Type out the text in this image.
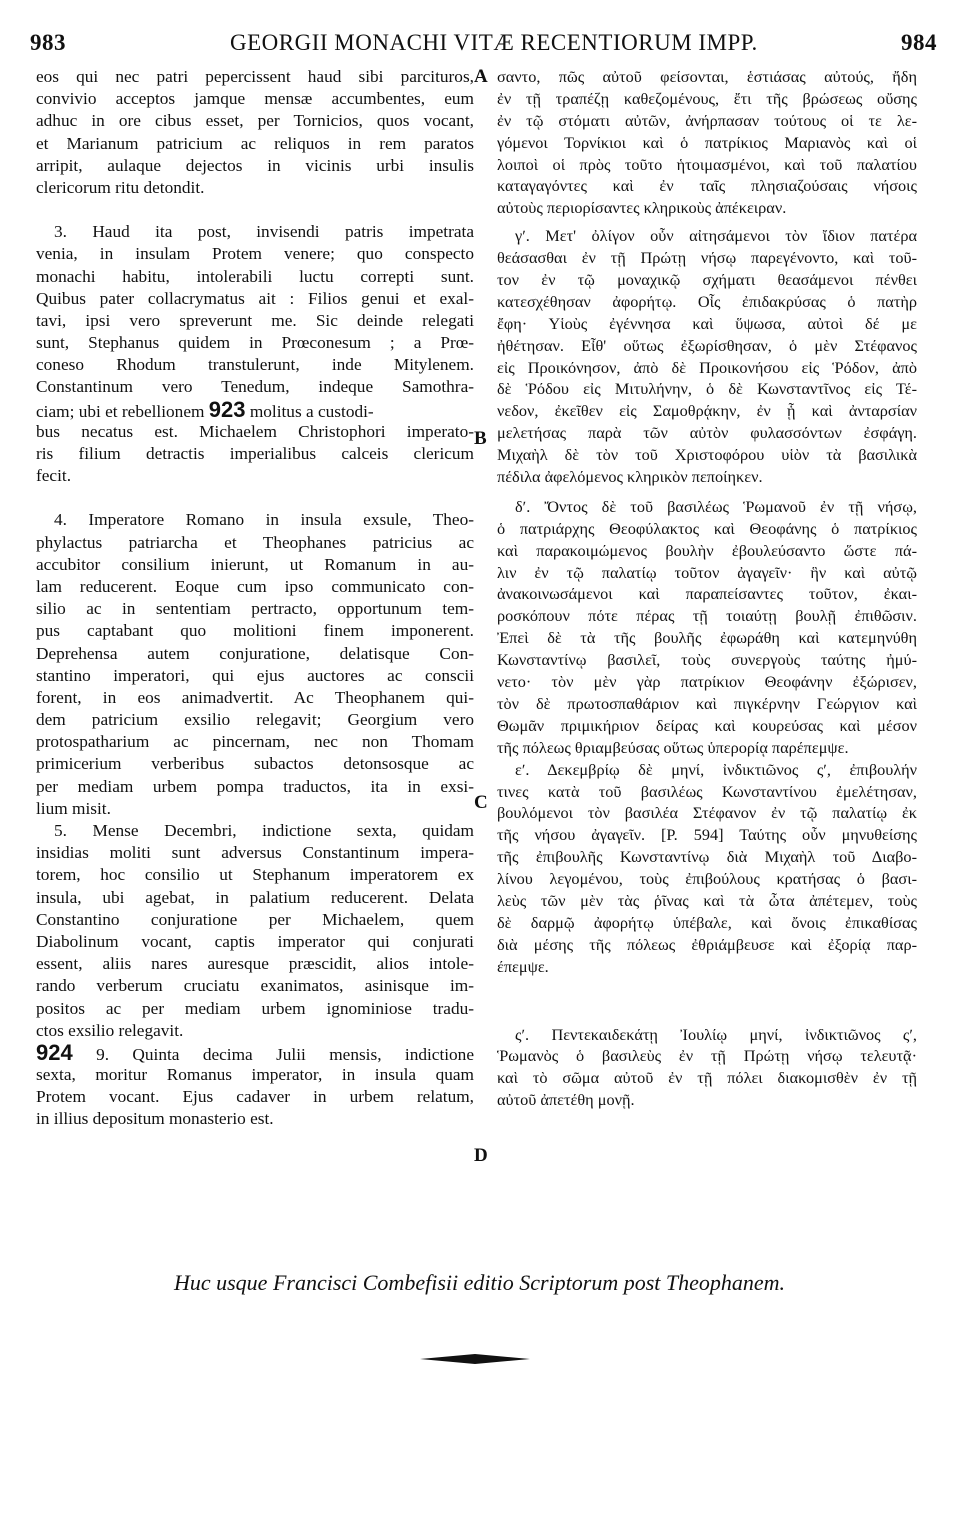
983	GEORGII MONACHI VITÆ RECENTIORUM IMPP.	984
A
B
C
D
eos qui nec patri pepercissent haud sibi parcituros,
convivio acceptos jamque mensæ accumbentes, eum
adhuc in ore cibus esset, per Tornicios, quos vocant,
et Marianum patricium ac reliquos in rem paratos
arripit, aulaque dejectos in vicinis urbi insulis
clericorum ritu detondit.
3. Haud ita post, invisendi patris impetrata
venia, in insulam Protem venere; quo conspecto
monachi habitu, intolerabili luctu correpti sunt.
Quibus pater collacrymatus ait : Filios genui et exal-
tavi, ipsi vero spreverunt me. Sic deinde relegati
sunt, Stephanus quidem in Prœconesum ; a Prœ-
coneso Rhodum transtulerunt, inde Mitylenem.
Constantinum vero Tenedum, indeque Samothra-
ciam; ubi et rebellionem 923 molitus a custodi-
bus necatus est. Michaelem Christophori imperato-
ris filium detractis imperialibus calceis clericum
fecit.
4. Imperatore Romano in insula exsule, Theo-
phylactus patriarcha et Theophanes patricius ac
accubitor consilium inierunt, ut Romanum in au-
lam reducerent. Eoque cum ipso communicato con-
silio ac in sententiam pertracto, opportunum tem-
pus captabant quo molitioni finem imponerent.
Deprehensa autem conjuratione, delatisque Con-
stantino imperatori, qui ejus auctores ac conscii
forent, in eos animadvertit. Ac Theophanem qui-
dem patricium exsilio relegavit; Georgium vero
protospatharium ac pincernam, nec non Thomam
primicerium verberibus subactos detonsosque ac
per mediam urbem pompa traductos, ita in exsi-
lium misit.
5. Mense Decembri, indictione sexta, quidam
insidias moliti sunt adversus Constantinum impera-
torem, hoc consilio ut Stephanum imperatorem ex
insula, ubi agebat, in palatium reducerent. Delata
Constantino conjuratione per Michaelem, quem
Diabolinum vocant, captis imperator qui conjurati
essent, aliis nares auresque præscidit, alios intole-
rando verberum cruciatu exanimatos, asinisque im-
positos ac per mediam urbem ignominiose tradu-
ctos exsilio relegavit.
924 9. Quinta decima Julii mensis, indictione
sexta, moritur Romanus imperator, in insula quam
Protem vocant. Ejus cadaver in urbem relatum,
in illius depositum monasterio est.
σαντο, πῶς αὐτοῦ φείσονται, ἑστιάσας αὐτούς, ἤδη
ἐν τῇ τραπέζῃ καθεζομένους, ἔτι τῆς βρώσεως οὔσης
ἐν τῷ στόματι αὐτῶν, ἀνήρπασαν τούτους οἱ τε λε-
γόμενοι Τορνίκιοι καὶ ὁ πατρίκιος Μαριανὸς καὶ οἱ
λοιποὶ οἱ πρὸς τοῦτο ἡτοιμασμένοι, καὶ τοῦ παλατίου
καταγαγόντες καὶ ἐν ταῖς πλησιαζούσαις νήσοις
αὐτοὺς περιορίσαντες κληρικοὺς ἀπέκειραν.
γʹ. Μετ' ὀλίγον οὖν αἰτησάμενοι τὸν ἴδιον πατέρα
θεάσασθαι ἐν τῇ Πρώτῃ νήσῳ παρεγένοντο, καὶ τοῦ-
τον ἐν τῷ μοναχικῷ σχήματι θεασάμενοι πένθει
κατεσχέθησαν ἀφορήτῳ. Οἷς ἐπιδακρύσας ὁ πατὴρ
ἔφη· Υἱοὺς ἐγέννησα καὶ ὕψωσα, αὐτοὶ δέ με
ἠθέτησαν. Εἶθ' οὕτως ἐξωρίσθησαν, ὁ μὲν Στέφανος
εἰς Προικόνησον, ἀπὸ δὲ Προικονήσου εἰς Ῥόδον, ἀπὸ
δὲ Ῥόδου εἰς Μιτυλήνην, ὁ δὲ Κωνσταντῖνος εἰς Τέ-
νεδον, ἐκεῖθεν εἰς Σαμοθρᾴκην, ἐν ᾗ καὶ ἀνταρσίαν
μελετήσας παρὰ τῶν αὐτὸν φυλασσόντων ἐσφάγη.
Μιχαὴλ δὲ τὸν τοῦ Χριστοφόρου υἱὸν τὰ βασιλικὰ
πέδιλα ἀφελόμενος κληρικὸν πεποίηκεν.
δʹ. Ὄντος δὲ τοῦ βασιλέως Ῥωμανοῦ ἐν τῇ νήσῳ,
ὁ πατριάρχης Θεοφύλακτος καὶ Θεοφάνης ὁ πατρίκιος
καὶ παρακοιμώμενος βουλὴν ἐβουλεύσαντο ὥστε πά-
λιν ἐν τῷ παλατίῳ τοῦτον ἀγαγεῖν· ἣν καὶ αὐτῷ
ἀνακοινωσάμενοι καὶ παραπείσαντες τοῦτον, ἐκαι-
ροσκόπουν πότε πέρας τῇ τοιαύτῃ βουλῇ ἐπιθῶσιν.
Ἐπεὶ δὲ τὰ τῆς βουλῆς ἐφωράθη καὶ κατεμηνύθη
Κωνσταντίνῳ βασιλεῖ, τοὺς συνεργοὺς ταύτης ἠμύ-
νετο· τὸν μὲν γὰρ πατρίκιον Θεοφάνην ἐξώρισεν,
τὸν δὲ πρωτοσπαθάριον καὶ πιγκέρνην Γεώργιον καὶ
Θωμᾶν πριμικήριον δείρας καὶ κουρεύσας καὶ μέσον
τῆς πόλεως θριαμβεύσας οὕτως ὑπερορίᾳ παρέπεμψε.
εʹ. Δεκεμβρίῳ δὲ μηνί, ἰνδικτιῶνος ςʹ, ἐπιβουλήν
τινες κατὰ τοῦ βασιλέως Κωνσταντίνου ἐμελέτησαν,
βουλόμενοι τὸν βασιλέα Στέφανον ἐν τῷ παλατίῳ ἐκ
τῆς νήσου ἀγαγεῖν. [P. 594] Ταύτης οὖν μηνυθείσης
τῆς ἐπιβουλῆς Κωνσταντίνῳ διὰ Μιχαὴλ τοῦ Διαβο-
λίνου λεγομένου, τοὺς ἐπιβούλους κρατήσας ὁ βασι-
λεὺς τῶν μὲν τὰς ῥῖνας καὶ τὰ ὦτα ἀπέτεμεν, τοὺς
δὲ δαρμῷ ἀφορήτῳ ὑπέβαλε, καὶ ὄνοις ἐπικαθίσας
διὰ μέσης τῆς πόλεως ἐθριάμβευσε καὶ ἐξορίᾳ παρ-
έπεμψε.
ςʹ. Πεντεκαιδεκάτῃ Ἰουλίῳ μηνί, ἰνδικτιῶνος ςʹ,
Ῥωμανὸς ὁ βασιλεὺς ἐν τῇ Πρώτῃ νήσῳ τελευτᾷ·
καὶ τὸ σῶμα αὐτοῦ ἐν τῇ πόλει διακομισθὲν ἐν τῇ
αὐτοῦ ἀπετέθη μονῇ.
Huc usque Francisci Combefisii editio Scriptorum post Theophanem.
